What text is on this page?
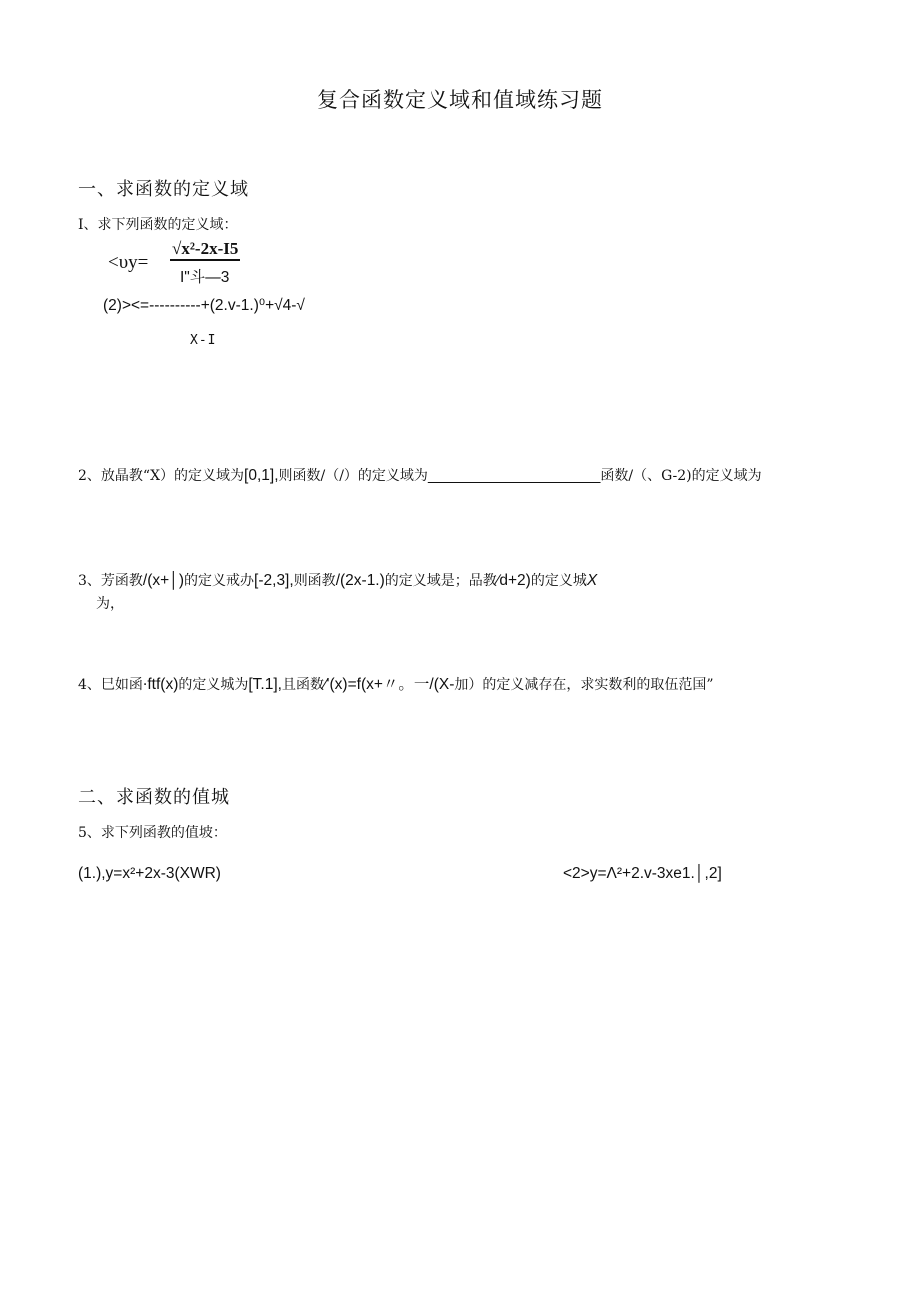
复合函数定义域和值域练习题
一、求函数的定义域
I、求下列函数的定义域：
<υy=
√x²-2x-I5
I"斗—3
(2)><=----------+(2.v-1.)⁰+√4-√
X-I
2、放晶教“X）的定义域为[0,1],则函数/（/）的定义域为____________________函数/（、G-2)的定义域为
3、芳函教/(x+│)的定义戒办[-2,3],则函教/(2x-1.)的定义域是；品教∕d+2)的定义城X
为，
4、巳如函·ftf(x)的定义城为[T.1],且函数∕'(x)=f(x+〃。一/(X-加）的定义减存在，求实数利的取伍范国”
二、求函数的值城
5、求下列函教的值坡：
(1.),y=x²+2x-3(XWR)	<2>y=Λ²+2.v-3xe1.│,2]
